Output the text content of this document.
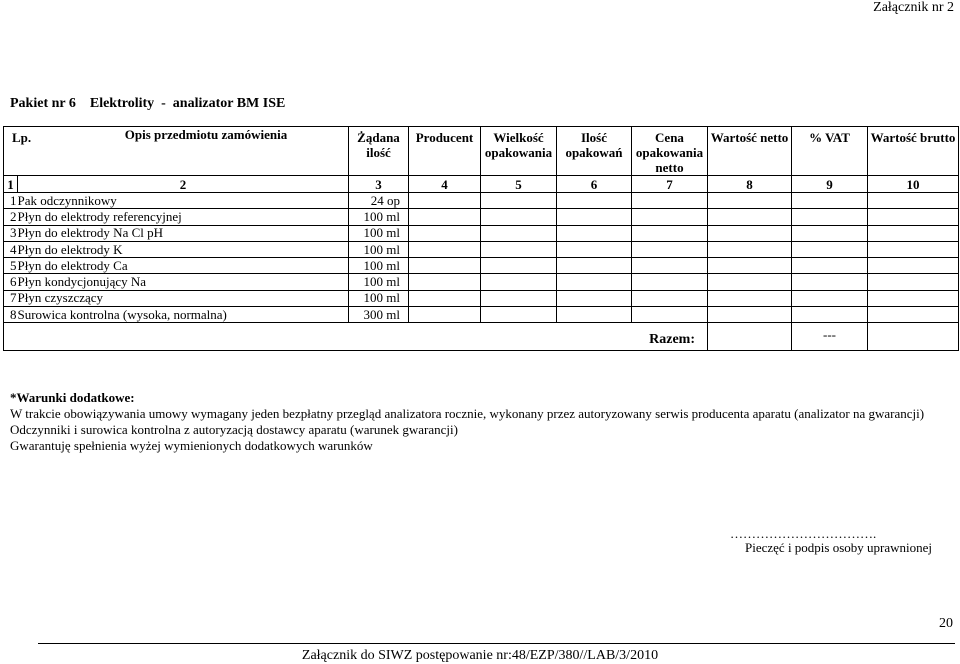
Załącznik nr 2
Pakiet nr 6    Elektrolity  -  analizator BM ISE
Lp. Opis przedmiotu zamówienia		Żądana ilość	Producent	Wielkość opakowania	Ilość opakowań	Cena opakowania netto	Wartość netto	% VAT	Wartość brutto
1	2	3	4	5	6	7	8	9	10
1	Pak odczynnikowy	24 op							
2	Płyn do elektrody referencyjnej	100 ml							
3	Płyn do elektrody Na Cl pH	100 ml							
4	Płyn do elektrody K	100 ml							
5	Płyn do elektrody Ca	100 ml							
6	Płyn kondycjonujący Na	100 ml							
7	Płyn czyszczący	100 ml							
8	Surowica kontrolna (wysoka, normalna)	300 ml							
Razem:								---	
*Warunki dodatkowe:
W trakcie obowiązywania umowy wymagany jeden bezpłatny przegląd analizatora rocznie, wykonany przez autoryzowany serwis producenta aparatu (analizator na gwarancji)
Odczynniki i surowica kontrolna z autoryzacją dostawcy aparatu (warunek gwarancji)
Gwarantuję spełnienia wyżej wymienionych dodatkowych warunków
…………………………….
Pieczęć i podpis osoby uprawnionej
20
Załącznik do SIWZ postępowanie nr:48/EZP/380//LAB/3/2010
